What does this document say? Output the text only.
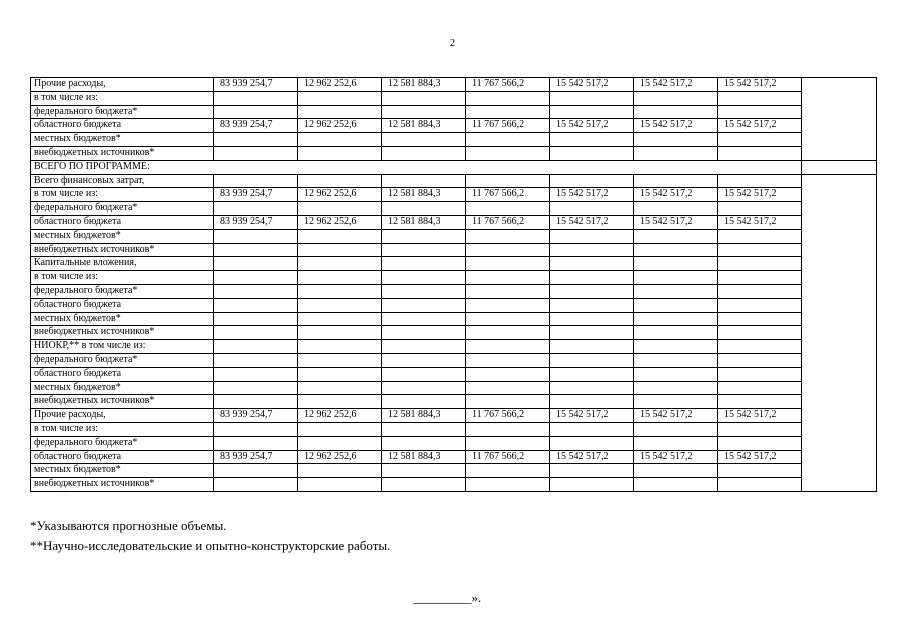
2
Прочие расходы,	83 939 254,7	12 962 252,6	12 581 884,3	11 767 566,2	15 542 517,2	15 542 517,2	15 542 517,2	
в том числе из:								
федерального бюджета*								
областного бюджета	83 939 254,7	12 962 252,6	12 581 884,3	11 767 566,2	15 542 517,2	15 542 517,2	15 542 517,2	
местных бюджетов*								
внебюджетных источников*								
ВСЕГО ПО ПРОГРАММЕ:								
Всего финансовых затрат,								
в том числе из:	83 939 254,7	12 962 252,6	12 581 884,3	11 767 566,2	15 542 517,2	15 542 517,2	15 542 517,2	
федерального бюджета*								
областного бюджета	83 939 254,7	12 962 252,6	12 581 884,3	11 767 566,2	15 542 517,2	15 542 517,2	15 542 517,2	
местных бюджетов*								
внебюджетных источников*								
Капитальные вложения,								
в том числе из:								
федерального бюджета*								
областного бюджета								
местных бюджетов*								
внебюджетных источников*								
НИОКР,** в том числе из:								
федерального бюджета*								
областного бюджета								
местных бюджетов*								
внебюджетных источников*								
Прочие расходы,	83 939 254,7	12 962 252,6	12 581 884,3	11 767 566,2	15 542 517,2	15 542 517,2	15 542 517,2	
в том числе из:								
федерального бюджета*								
областного бюджета	83 939 254,7	12 962 252,6	12 581 884,3	11 767 566,2	15 542 517,2	15 542 517,2	15 542 517,2	
местных бюджетов*								
внебюджетных источников*								
*Указываются прогнозные объемы.
**Научно-исследовательские и опытно-конструкторские работы.
_________».
